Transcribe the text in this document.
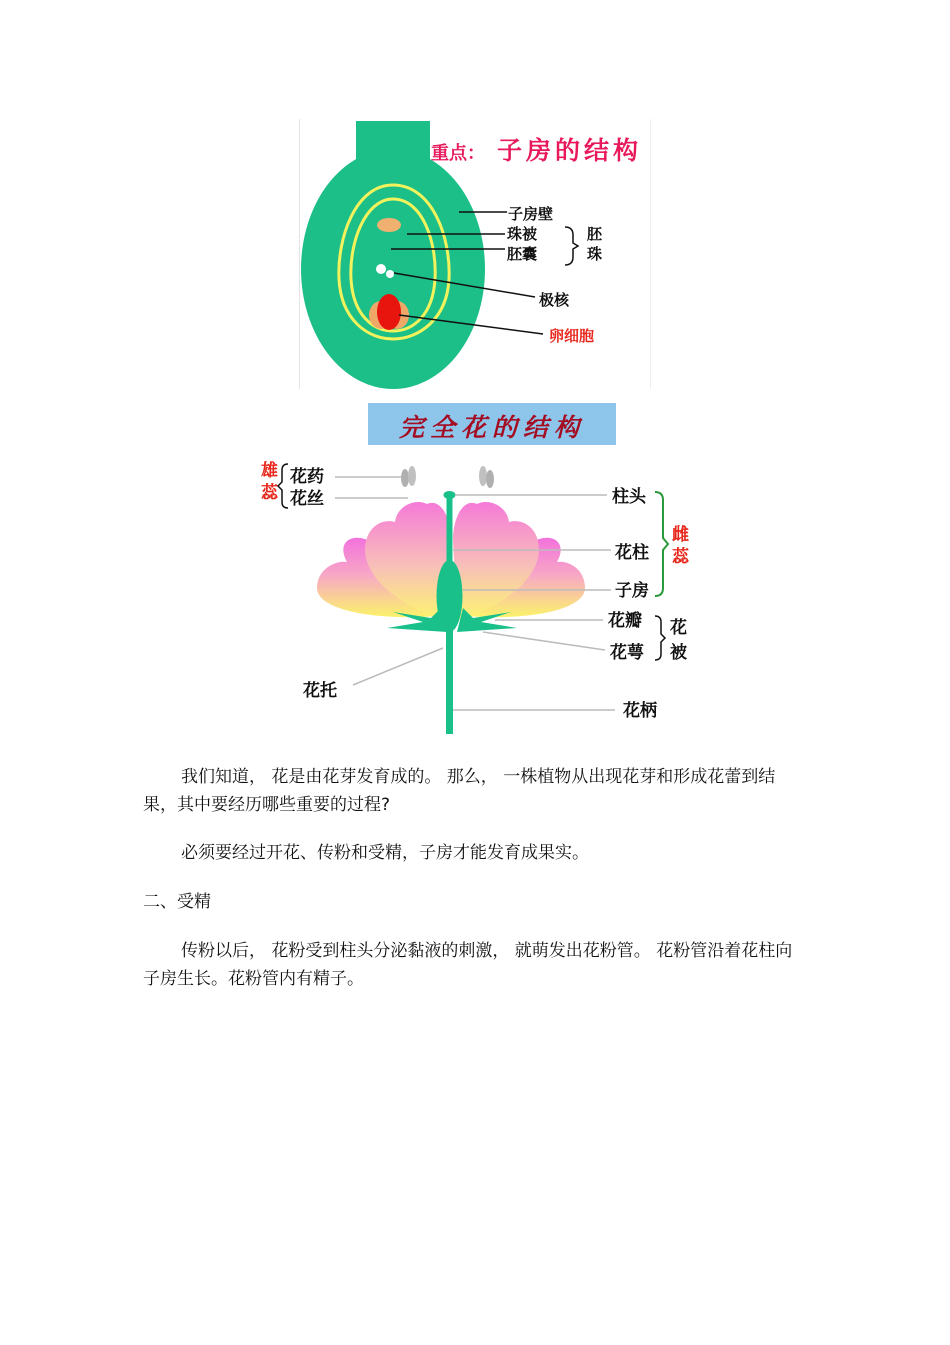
重点： 子房的结构
子房壁
珠被
胚囊
胚
珠
极核
卵细胞
完全花的结构
雄
蕊
花药
花丝	柱头
花柱
子房
雌
蕊
花瓣
花萼
花
被
花托
花柄

我们知道， 花是由花芽发育成的。 那么， 一株植物从出现花芽和形成花蕾到结果，其中要经历哪些重要的过程?

必须要经过开花、传粉和受精，子房才能发育成果实。

二、受精

传粉以后， 花粉受到柱头分泌黏液的刺激， 就萌发出花粉管。 花粉管沿着花柱向子房生长。花粉管内有精子。
